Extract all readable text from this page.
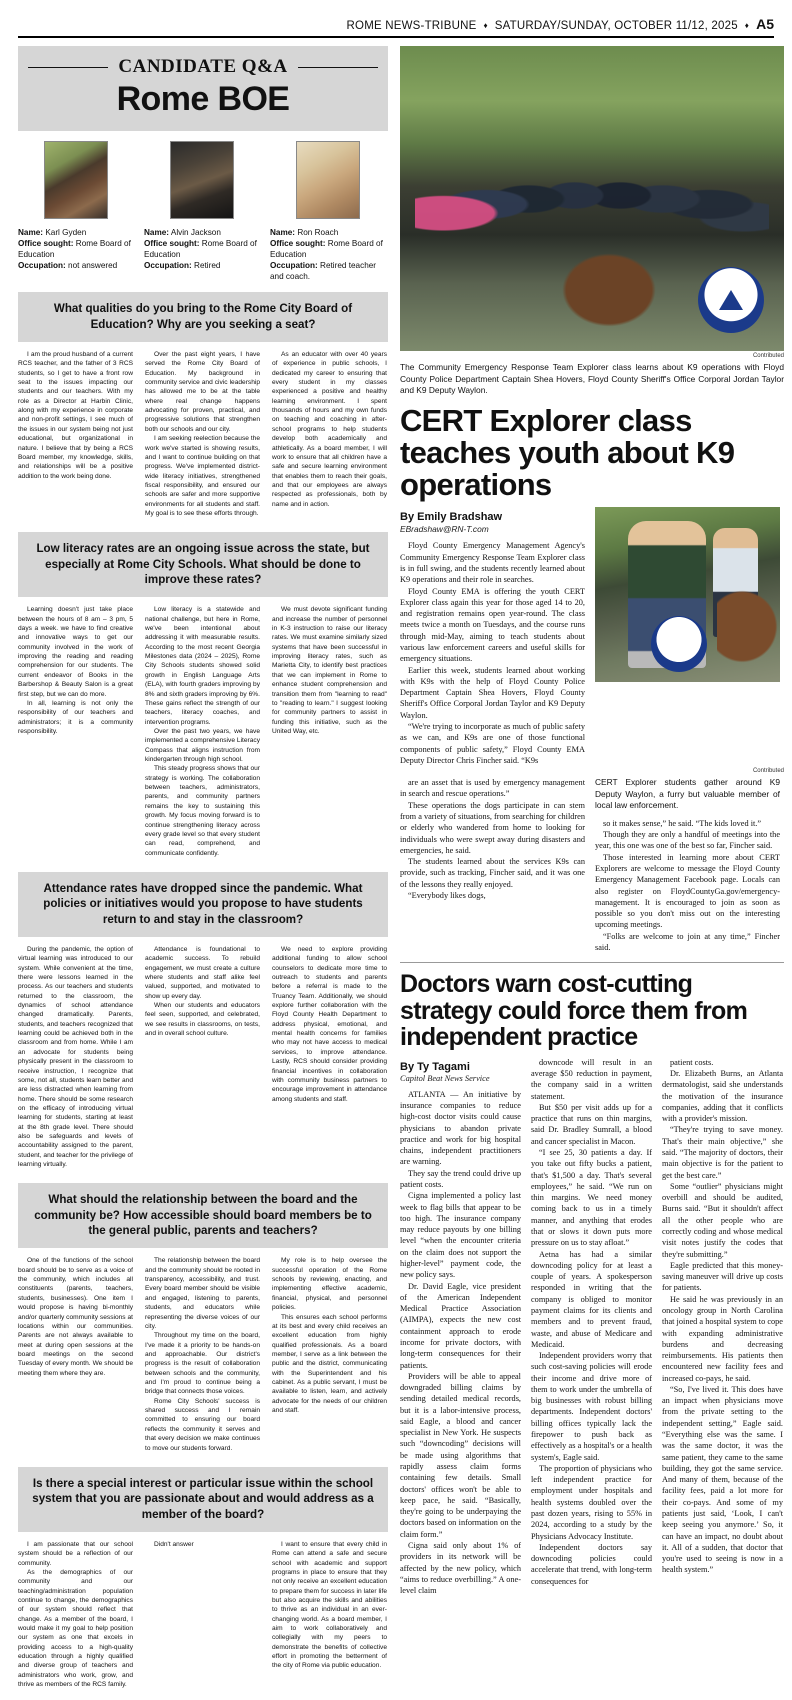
ROME NEWS-TRIBUNE ♦ SATURDAY/SUNDAY, OCTOBER 11/12, 2025 ♦ A5
CANDIDATE Q&A
Rome BOE
Name: Karl Gyden
Office sought: Rome Board of Education
Occupation: not answered
Name: Alvin Jackson
Office sought: Rome Board of Education
Occupation: Retired
Name: Ron Roach
Office sought: Rome Board of Education
Occupation: Retired teacher and coach.
What qualities do you bring to the Rome City Board of Education? Why are you seeking a seat?

I am the proud husband of a current RCS teacher, and the father of 3 RCS students, so I get to have a front row seat to the issues impacting our students and our teachers. With my role as a Director at Harbin Clinic, along with my experience in corporate and non-profit settings, I see much of the issues in our system being not just educational, but organizational in nature. I believe that by being a RCS Board member, my knowledge, skills, and relationships will be a positive addition to the work being done.

Over the past eight years, I have served the Rome City Board of Education. My background in community service and civic leadership has allowed me to be at the table where real change happens advocating for proven, practical, and progressive solutions that strengthen both our schools and our city.

I am seeking reelection because the work we've started is showing results, and I want to continue building on that progress. We've implemented district-wide literacy initiatives, strengthened fiscal responsibility, and ensured our schools are safer and more supportive environments for all students and staff. My goal is to see these efforts through.

As an educator with over 40 years of experience in public schools, I dedicated my career to ensuring that every student in my classes experienced a positive and healthy learning environment. I spent thousands of hours and my own funds on teaching and coaching in after-school programs to help students develop both academically and athletically. As a board member, I will work to ensure that all children have a safe and secure learning environment that enables them to reach their goals, and that our employees are always respected as professionals, both by name and in action.

Low literacy rates are an ongoing issue across the state, but especially at Rome City Schools. What should be done to improve these rates?

Learning doesn't just take place between the hours of 8 am – 3 pm, 5 days a week. we have to find creative and innovative ways to get our community involved in the work of improving the reading and reading comprehension for our students. The current endeavor of Books in the Barbershop & Beauty Salon is a great first step, but we can do more.

In all, learning is not only the responsibility of our teachers and administrators; it is a community responsibility.

Low literacy is a statewide and national challenge, but here in Rome, we've been intentional about addressing it with measurable results. According to the most recent Georgia Milestones data (2024 – 2025), Rome City Schools students showed solid growth in English Language Arts (ELA), with fourth graders improving by 8% and sixth graders improving by 6%. These gains reflect the strength of our teachers, literacy coaches, and intervention programs.

Over the past two years, we have implemented a comprehensive Literacy Compass that aligns instruction from kindergarten through high school.

This steady progress shows that our strategy is working. The collaboration between teachers, administrators, parents, and community partners remains the key to sustaining this growth. My focus moving forward is to continue strengthening literacy across every grade level so that every student can read, comprehend, and communicate confidently.

We must devote significant funding and increase the number of personnel in K-3 instruction to raise our literacy rates. We must examine similarly sized systems that have been successful in improving literacy rates, such as Marietta City, to identify best practices that we can implement in Rome to enhance student comprehension and transition them from "learning to read" to "reading to learn." I suggest looking for community partners to assist in funding this initiative, such as the United Way, etc.

Attendance rates have dropped since the pandemic. What policies or initiatives would you propose to have students return to and stay in the classroom?

During the pandemic, the option of virtual learning was introduced to our system. While convenient at the time, there were lessons learned in the process. As our teachers and students returned to the classroom, the dynamics of school attendance changed dramatically. Parents, students, and teachers recognized that learning could be achieved both in the classroom and from home. While I am an advocate for students being physically present in the classroom to receive instruction, I recognize that some, not all, students learn better and are less distracted when learning from home. There should be some research on the efficacy of introducing virtual learning for students, starting at least at the 8th grade level. There should also be safeguards and levels of accountability assigned to the parent, student, and teacher for the privilege of learning virtually.

Attendance is foundational to academic success. To rebuild engagement, we must create a culture where students and staff alike feel valued, supported, and motivated to show up every day.

When our students and educators feel seen, supported, and celebrated, we see results in classrooms, on tests, and in overall school culture.

We need to explore providing additional funding to allow school counselors to dedicate more time to outreach to students and parents before a referral is made to the Truancy Team. Additionally, we should explore further collaboration with the Floyd County Health Department to address physical, emotional, and mental health concerns for families who may not have access to medical services, to improve attendance. Lastly, RCS should consider providing financial incentives in collaboration with community business partners to encourage improvement in attendance among students and staff.

What should the relationship between the board and the community be? How accessible should board members be to the general public, parents and teachers?

One of the functions of the school board should be to serve as a voice of the community, which includes all constituents (parents, teachers, students, businesses). One item I would propose is having bi-monthly and/or quarterly community sessions at locations within our communities. Parents are not always available to meet at during open sessions at the board meetings on the second Tuesday of every month. We should be meeting them where they are.

The relationship between the board and the community should be rooted in transparency, accessibility, and trust. Every board member should be visible and engaged, listening to parents, students, and educators while representing the diverse voices of our city.

Throughout my time on the board, I've made it a priority to be hands-on and approachable. Our district's progress is the result of collaboration between schools and the community, and I'm proud to continue being a bridge that connects those voices.

Rome City Schools' success is shared success and I remain committed to ensuring our board reflects the community it serves and that every decision we make continues to move our students forward.

My role is to help oversee the successful operation of the Rome schools by reviewing, enacting, and implementing effective academic, financial, physical, and personnel policies.

This ensures each school performs at its best and every child receives an excellent education from highly qualified professionals. As a board member, I serve as a link between the public and the district, communicating with the Superintendent and his cabinet. As a public servant, I must be available to listen, learn, and actively advocate for the needs of our children and staff.

Is there a special interest or particular issue within the school system that you are passionate about and would address as a member of the board?

I am passionate that our school system should be a reflection of our community.

As the demographics of our community and our teaching/administration population continue to change, the demographics of our system should reflect that change. As a member of the board, I would make it my goal to help position our system as one that excels in providing access to a high-quality education through a highly qualified and diverse group of teachers and administrators who work, grow, and thrive as members of the RCS family.

Didn't answer	I want to ensure that every child in Rome can attend a safe and secure school with academic and support programs in place to ensure that they not only receive an excellent education to prepare them for success in later life but also acquire the skills and abilities to thrive as an individual in an ever-changing world. As a board member, I aim to work collaboratively and collegially with my peers to demonstrate the benefits of collective effort in promoting the betterment of the city of Rome via public education.

Contributed
The Community Emergency Response Team Explorer class learns about K9 operations with Floyd County Police Department Captain Shea Hovers, Floyd County Sheriff's Office Corporal Jordan Taylor and K9 Deputy Waylon.
CERT Explorer class teaches youth about K9 operations
By Emily Bradshaw
EBradshaw@RN-T.com

Floyd County Emergency Management Agency's Community Emergency Response Team Explorer class is in full swing, and the students recently learned about K9 operations and their role in searches.

Floyd County EMA is offering the youth CERT Explorer class again this year for those aged 14 to 20, and registration remains open year-round. The class meets twice a month on Tuesdays, and the course runs through mid-May, aiming to teach students about various law enforcement careers and useful skills for emergency situations.

Earlier this week, students learned about working with K9s with the help of Floyd County Police Department Captain Shea Hovers, Floyd County Sheriff's Office Corporal Jordan Taylor and K9 Deputy Waylon.

“We're trying to incorporate as much of public safety as we can, and K9s are one of those functional components of public safety,” Floyd County EMA Deputy Director Chris Fincher said. “K9s

Contributed

are an asset that is used by emergency management in search and rescue operations.”

These operations the dogs participate in can stem from a variety of situations, from searching for children or elderly who wandered from home to looking for individuals who were swept away during disasters and emergencies, he said.

The students learned about the services K9s can provide, such as tracking, Fincher said, and it was one of the lessons they really enjoyed.

“Everybody likes dogs,

CERT Explorer students gather around K9 Deputy Waylon, a furry but valuable member of local law enforcement.

so it makes sense,” he said. “The kids loved it.”

Though they are only a handful of meetings into the year, this one was one of the best so far, Fincher said.

Those interested in learning more about CERT Explorers are welcome to message the Floyd County Emergency Management Facebook page. Locals can also register on FloydCountyGa.gov/emergency-management. It is encouraged to join as soon as possible so you don't miss out on the interesting upcoming meetings.

“Folks are welcome to join at any time,” Fincher said.

Doctors warn cost-cutting strategy could force them from independent practice
By Ty Tagami
Capitol Beat News Service

ATLANTA — An initiative by insurance companies to reduce high-cost doctor visits could cause physicians to abandon private practice and work for big hospital chains, independent practitioners are warning.

They say the trend could drive up patient costs.

Cigna implemented a policy last week to flag bills that appear to be too high. The insurance company may reduce payouts by one billing level “when the encounter criteria on the claim does not support the higher-level” payment code, the new policy says.

Dr. David Eagle, vice president of the American Independent Medical Practice Association (AIMPA), expects the new cost containment approach to erode income for private doctors, with long-term consequences for their patients.

Providers will be able to appeal downgraded billing claims by sending detailed medical records, but it is a labor-intensive process, said Eagle, a blood and cancer specialist in New York. He suspects such “downcoding” decisions will be made using algorithms that rapidly assess claim forms containing few details. Small doctors' offices won't be able to keep pace, he said. “Basically, they're going to be underpaying the doctors based on information on the claim form.”

Cigna said only about 1% of providers in its network will be affected by the new policy, which “aims to reduce overbilling.” A one-level claim

downcode will result in an average $50 reduction in payment, the company said in a written statement.

But $50 per visit adds up for a practice that runs on thin margins, said Dr. Bradley Sumrall, a blood and cancer specialist in Macon.

“I see 25, 30 patients a day. If you take out fifty bucks a patient, that's $1,500 a day. That's several employees,” he said. “We run on thin margins. We need money coming back to us in a timely manner, and anything that erodes that or slows it down puts more pressure on us to stay afloat.”

Aetna has had a similar downcoding policy for at least a couple of years. A spokesperson responded in writing that the company is obliged to monitor payment claims for its clients and members and to prevent fraud, waste, and abuse of Medicare and Medicaid.

Independent providers worry that such cost-saving policies will erode their income and drive more of them to work under the umbrella of big businesses with robust billing departments. Independent doctors' billing offices typically lack the firepower to push back as effectively as a hospital's or a health system's, Eagle said.

The proportion of physicians who left independent practice for employment under hospitals and health systems doubled over the past dozen years, rising to 55% in 2024, according to a study by the Physicians Advocacy Institute.

Independent doctors say downcoding policies could accelerate that trend, with long-term consequences for

patient costs.

Dr. Elizabeth Burns, an Atlanta dermatologist, said she understands the motivation of the insurance companies, adding that it conflicts with a provider's mission.

“They're trying to save money. That's their main objective,” she said. “The majority of doctors, their main objective is for the patient to get the best care.”

Some “outlier” physicians might overbill and should be audited, Burns said. “But it shouldn't affect all the other people who are correctly coding and whose medical visit notes justify the codes that they're submitting.”

Eagle predicted that this money-saving maneuver will drive up costs for patients.

He said he was previously in an oncology group in North Carolina that joined a hospital system to cope with expanding administrative burdens and decreasing reimbursements. His patients then encountered new facility fees and increased co-pays, he said.

“So, I've lived it. This does have an impact when physicians move from the private setting to the independent setting,” Eagle said. “Everything else was the same. I was the same doctor, it was the same patient, they came to the same building, they got the same service. And many of them, because of the facility fees, paid a lot more for their co-pays. And some of my patients just said, ‘Look, I can't keep seeing you anymore.’ So, it can have an impact, no doubt about it. All of a sudden, that doctor that you're used to seeing is now in a health system.”
